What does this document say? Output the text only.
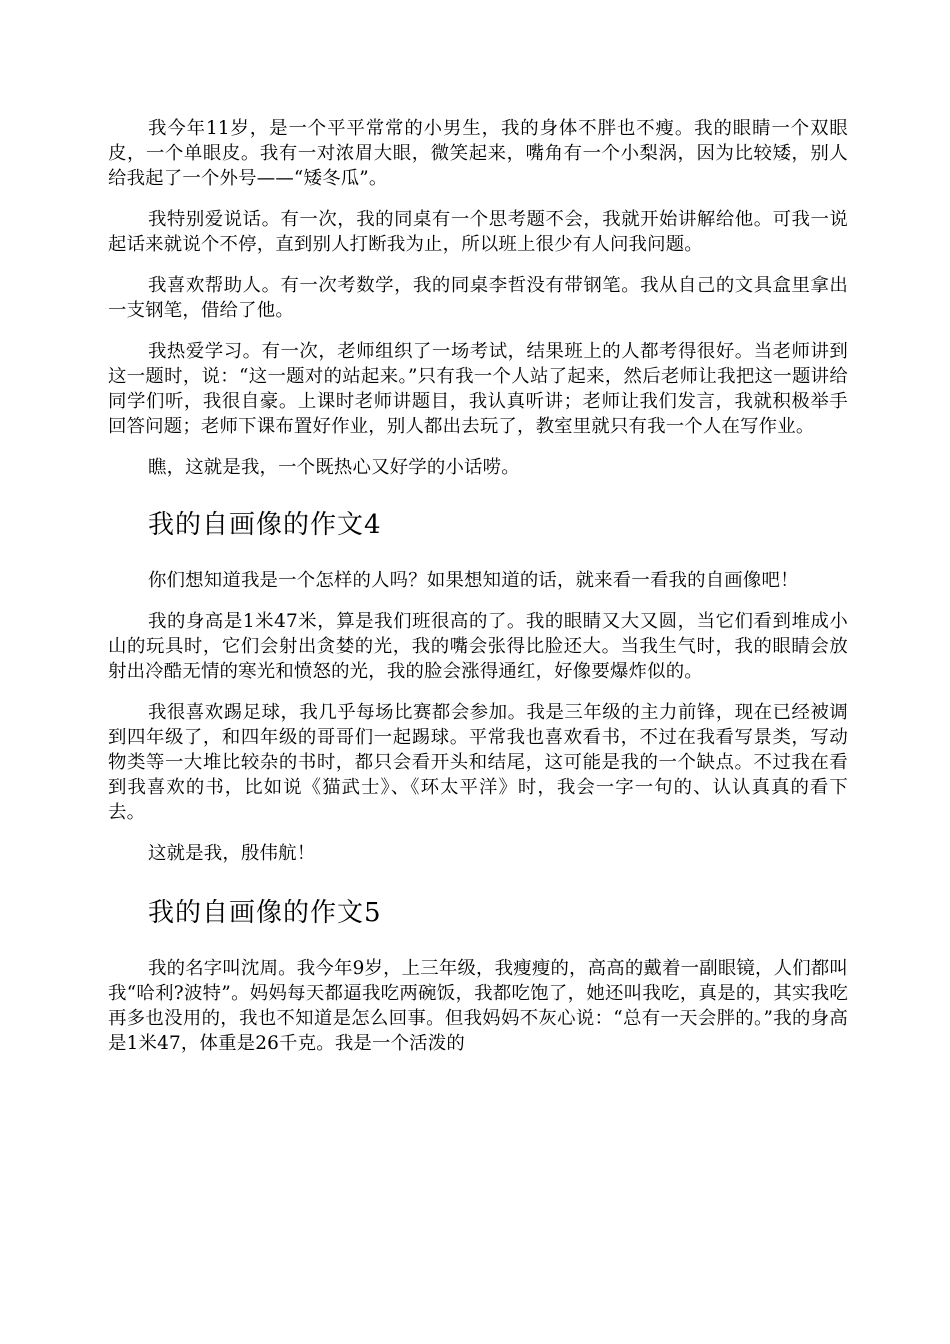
我今年11岁，是一个平平常常的小男生，我的身体不胖也不瘦。我的眼睛一个双眼皮，一个单眼皮。我有一对浓眉大眼，微笑起来，嘴角有一个小梨涡，因为比较矮，别人给我起了一个外号——“矮冬瓜”。

我特别爱说话。有一次，我的同桌有一个思考题不会，我就开始讲解给他。可我一说起话来就说个不停，直到别人打断我为止，所以班上很少有人问我问题。

我喜欢帮助人。有一次考数学，我的同桌李哲没有带钢笔。我从自己的文具盒里拿出一支钢笔，借给了他。

我热爱学习。有一次，老师组织了一场考试，结果班上的人都考得很好。当老师讲到这一题时，说：“这一题对的站起来。”只有我一个人站了起来，然后老师让我把这一题讲给同学们听，我很自豪。上课时老师讲题目，我认真听讲；老师让我们发言，我就积极举手回答问题；老师下课布置好作业，别人都出去玩了，教室里就只有我一个人在写作业。

瞧，这就是我，一个既热心又好学的小话唠。

我的自画像的作文4

你们想知道我是一个怎样的人吗？如果想知道的话，就来看一看我的自画像吧！

我的身高是1米47米，算是我们班很高的了。我的眼睛又大又圆，当它们看到堆成小山的玩具时，它们会射出贪婪的光，我的嘴会张得比脸还大。当我生气时，我的眼睛会放射出冷酷无情的寒光和愤怒的光，我的脸会涨得通红，好像要爆炸似的。

我很喜欢踢足球，我几乎每场比赛都会参加。我是三年级的主力前锋，现在已经被调到四年级了，和四年级的哥哥们一起踢球。平常我也喜欢看书，不过在我看写景类，写动物类等一大堆比较杂的书时，都只会看开头和结尾，这可能是我的一个缺点。不过我在看到我喜欢的书，比如说《猫武士》、《环太平洋》时，我会一字一句的、认认真真的看下去。

这就是我，殷伟航！

我的自画像的作文5

我的名字叫沈周。我今年9岁，上三年级，我瘦瘦的，高高的戴着一副眼镜，人们都叫我“哈利?波特”。妈妈每天都逼我吃两碗饭，我都吃饱了，她还叫我吃，真是的，其实我吃再多也没用的，我也不知道是怎么回事。但我妈妈不灰心说：“总有一天会胖的。”我的身高是1米47，体重是26千克。我是一个活泼的
